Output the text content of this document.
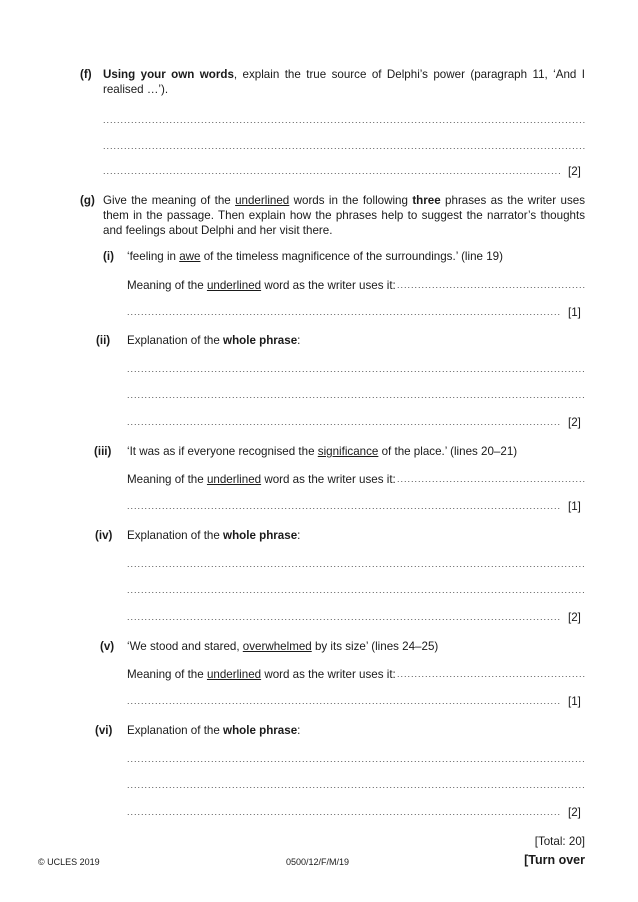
(f) Using your own words, explain the true source of Delphi’s power (paragraph 11, ‘And I realised …’).
.....
.....
.....
[2]
(g) Give the meaning of the underlined words in the following three phrases as the writer uses them in the passage. Then explain how the phrases help to suggest the narrator’s thoughts and feelings about Delphi and her visit there.
(i) ‘feeling in awe of the timeless magnificence of the surroundings.’ (line 19)
Meaning of the underlined word as the writer uses it:
.....
.....
[1]
(ii) Explanation of the whole phrase:
.....
.....
.....
[2]
(iii) ‘It was as if everyone recognised the significance of the place.’ (lines 20–21)
Meaning of the underlined word as the writer uses it:
.....
.....
[1]
(iv) Explanation of the whole phrase:
.....
.....
.....
[2]
(v) ‘We stood and stared, overwhelmed by its size’ (lines 24–25)
Meaning of the underlined word as the writer uses it:
.....
.....
[1]
(vi) Explanation of the whole phrase:
.....
.....
.....
[2]
[Total: 20]
© UCLES 2019	0500/12/F/M/19	[Turn over
